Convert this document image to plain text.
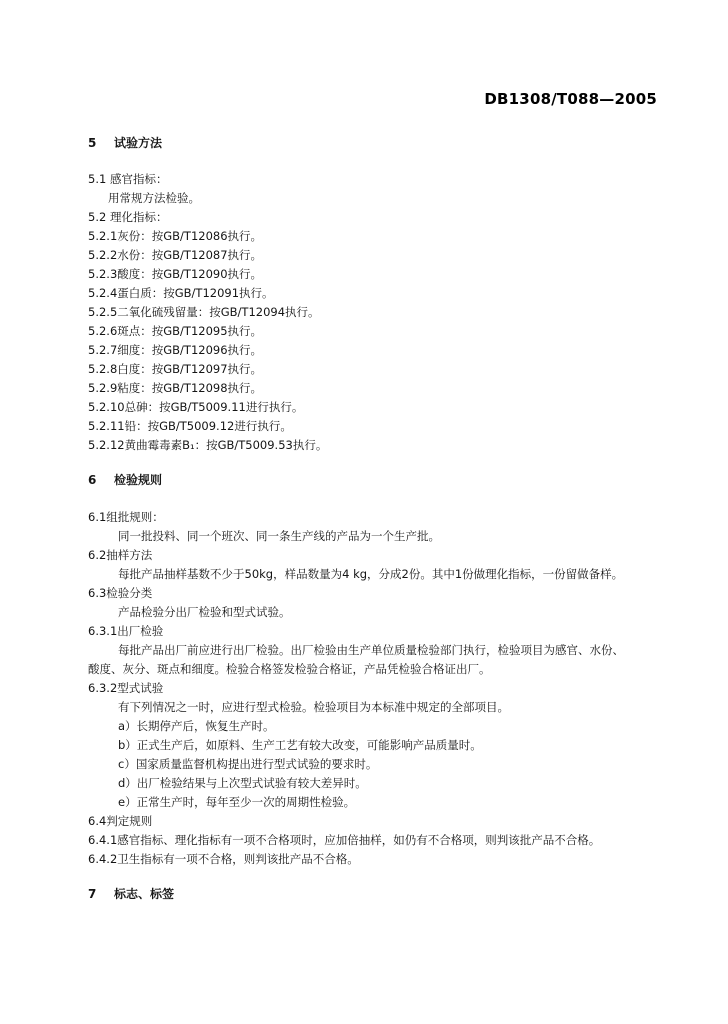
DB1308/T088—2005
5 试验方法
5.1 感官指标：
用常规方法检验。
5.2 理化指标：
5.2.1灰份：按GB/T12086执行。
5.2.2水份：按GB/T12087执行。
5.2.3酸度：按GB/T12090执行。
5.2.4蛋白质：按GB/T12091执行。
5.2.5二氧化硫残留量：按GB/T12094执行。
5.2.6斑点：按GB/T12095执行。
5.2.7细度：按GB/T12096执行。
5.2.8白度：按GB/T12097执行。
5.2.9粘度：按GB/T12098执行。
5.2.10总砷：按GB/T5009.11进行执行。
5.2.11铅：按GB/T5009.12进行执行。
5.2.12黄曲霉毒素B₁：按GB/T5009.53执行。
6 检验规则
6.1组批规则：
同一批投料、同一个班次、同一条生产线的产品为一个生产批。
6.2抽样方法
每批产品抽样基数不少于50kg，样品数量为4 kg，分成2份。其中1份做理化指标，一份留做备样。
6.3检验分类
产品检验分出厂检验和型式试验。
6.3.1出厂检验
每批产品出厂前应进行出厂检验。出厂检验由生产单位质量检验部门执行，检验项目为感官、水份、
酸度、灰分、斑点和细度。检验合格签发检验合格证，产品凭检验合格证出厂。
6.3.2型式试验
有下列情况之一时，应进行型式检验。检验项目为本标准中规定的全部项目。
a）长期停产后，恢复生产时。
b）正式生产后，如原料、生产工艺有较大改变，可能影响产品质量时。
c）国家质量监督机构提出进行型式试验的要求时。
d）出厂检验结果与上次型式试验有较大差异时。
e）正常生产时，每年至少一次的周期性检验。
6.4判定规则
6.4.1感官指标、理化指标有一项不合格项时，应加倍抽样，如仍有不合格项，则判该批产品不合格。
6.4.2卫生指标有一项不合格，则判该批产品不合格。
7 标志、标签
